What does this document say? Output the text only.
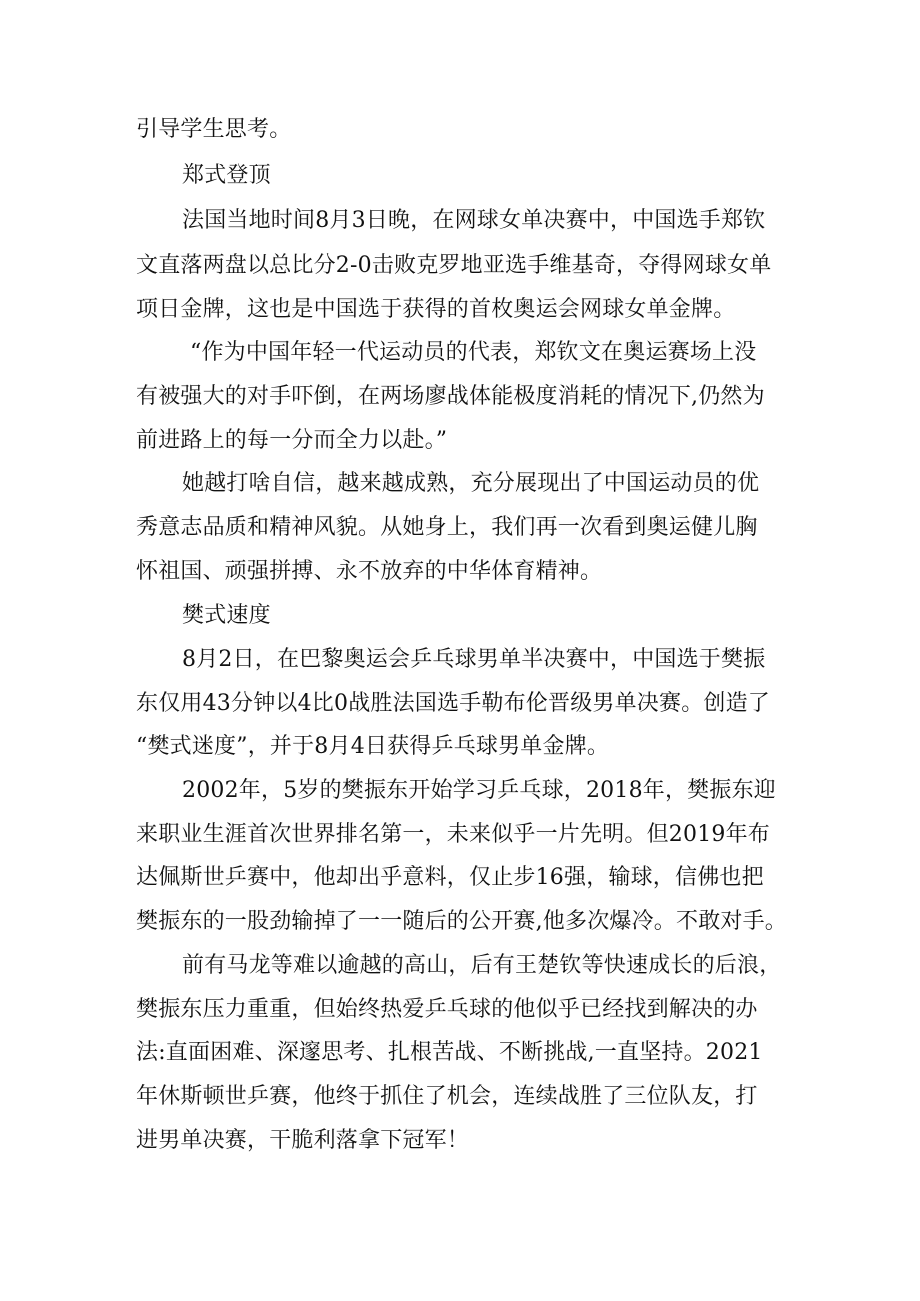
引导学生思考。
郑式登顶
法国当地时间8月3日晚，在网球女单决赛中，中国选手郑钦
文直落两盘以总比分2-0击败克罗地亚选手维基奇，夺得网球女单
项日金牌，这也是中国选于获得的首枚奥运会网球女单金牌。
“作为中国年轻一代运动员的代表，郑钦文在奥运赛场上没
有被强大的对手吓倒，在两场廖战体能极度消耗的情况下,仍然为
前进路上的每一分而全力以赴。”
她越打啥自信，越来越成熟，充分展现出了中国运动员的优
秀意志品质和精神风貌。从她身上，我们再一次看到奥运健儿胸
怀祖国、顽强拼搏、永不放弃的中华体育精神。
樊式速度
8月2日，在巴黎奥运会乒乓球男单半决赛中，中国选于樊振
东仅用43分钟以4比0战胜法国选手勒布伦晋级男单决赛。创造了
“樊式迷度”，并于8月4日获得乒乓球男单金牌。
2002年，5岁的樊振东开始学习乒乓球，2018年，樊振东迎
来职业生涯首次世界排名第一，未来似乎一片先明。但2019年布
达佩斯世乒赛中，他却出乎意料，仅止步16强，输球，信佛也把
樊振东的一股劲输掉了一一随后的公开赛,他多次爆冷。不敢对手。
前有马龙等难以逾越的高山，后有王楚钦等快速成长的后浪，
樊振东压力重重，但始终热爱乒乓球的他似乎已经找到解决的办
法:直面困难、深邃思考、扎根苦战、不断挑战,一直坚持。2021
年休斯顿世乒赛，他终于抓住了机会，连续战胜了三位队友，打
进男单决赛，干脆利落拿下冠军！
